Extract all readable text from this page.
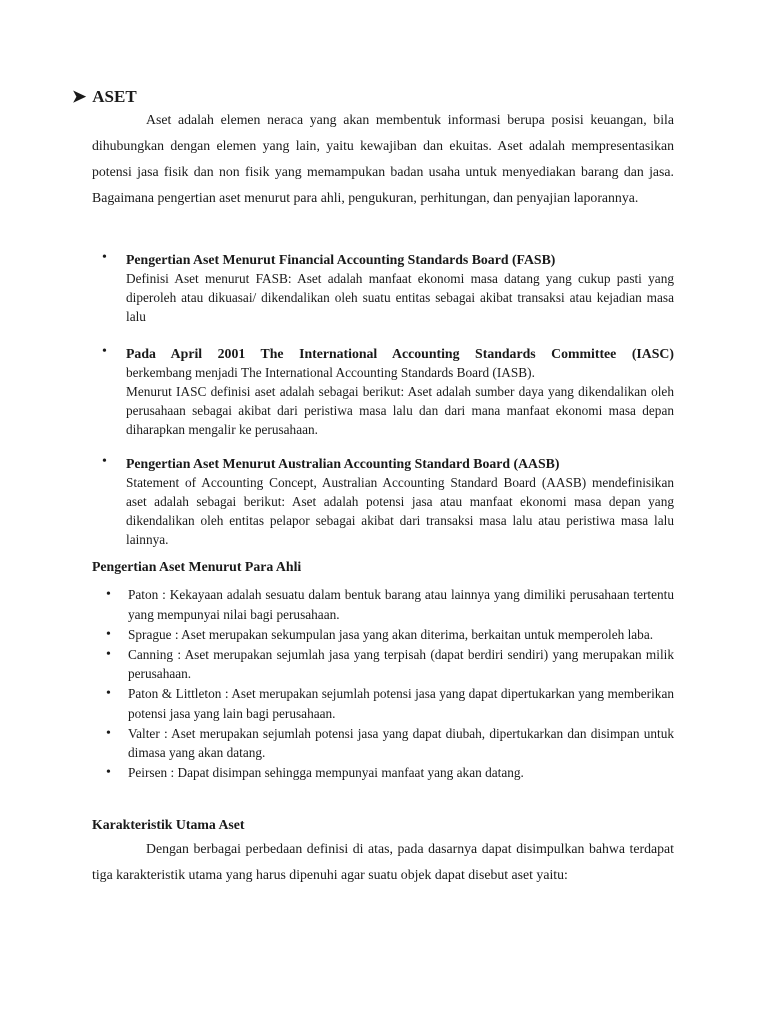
➤ ASET

Aset adalah elemen neraca yang akan membentuk informasi berupa posisi keuangan, bila dihubungkan dengan elemen yang lain, yaitu kewajiban dan ekuitas. Aset adalah mempresentasikan potensi jasa fisik dan non fisik yang memampukan badan usaha untuk menyediakan barang dan jasa. Bagaimana pengertian aset menurut para ahli, pengukuran, perhitungan, dan penyajian laporannya.

• Pengertian Aset Menurut Financial Accounting Standards Board (FASB)
Definisi Aset menurut FASB: Aset adalah manfaat ekonomi masa datang yang cukup pasti yang diperoleh atau dikuasai/ dikendalikan oleh suatu entitas sebagai akibat transaksi atau kejadian masa lalu
• Pada April 2001 The International Accounting Standards Committee (IASC)
berkembang menjadi The International Accounting Standards Board (IASB).
Menurut IASC definisi aset adalah sebagai berikut: Aset adalah sumber daya yang dikendalikan oleh perusahaan sebagai akibat dari peristiwa masa lalu dan dari mana manfaat ekonomi masa depan diharapkan mengalir ke perusahaan.
• Pengertian Aset Menurut Australian Accounting Standard Board (AASB)
Statement of Accounting Concept, Australian Accounting Standard Board (AASB) mendefinisikan aset adalah sebagai berikut: Aset adalah potensi jasa atau manfaat ekonomi masa depan yang dikendalikan oleh entitas pelapor sebagai akibat dari transaksi masa lalu atau peristiwa masa lalu lainnya.
Pengertian Aset Menurut Para Ahli
• Paton : Kekayaan adalah sesuatu dalam bentuk barang atau lainnya yang dimiliki perusahaan tertentu yang mempunyai nilai bagi perusahaan.
• Sprague : Aset merupakan sekumpulan jasa yang akan diterima, berkaitan untuk memperoleh laba.
• Canning : Aset merupakan sejumlah jasa yang terpisah (dapat berdiri sendiri) yang merupakan milik perusahaan.
• Paton & Littleton : Aset merupakan sejumlah potensi jasa yang dapat dipertukarkan yang memberikan potensi jasa yang lain bagi perusahaan.
• Valter : Aset merupakan sejumlah potensi jasa yang dapat diubah, dipertukarkan dan disimpan untuk dimasa yang akan datang.
• Peirsen : Dapat disimpan sehingga mempunyai manfaat yang akan datang.
Karakteristik Utama Aset

Dengan berbagai perbedaan definisi di atas, pada dasarnya dapat disimpulkan bahwa terdapat tiga karakteristik utama yang harus dipenuhi agar suatu objek dapat disebut aset yaitu:
